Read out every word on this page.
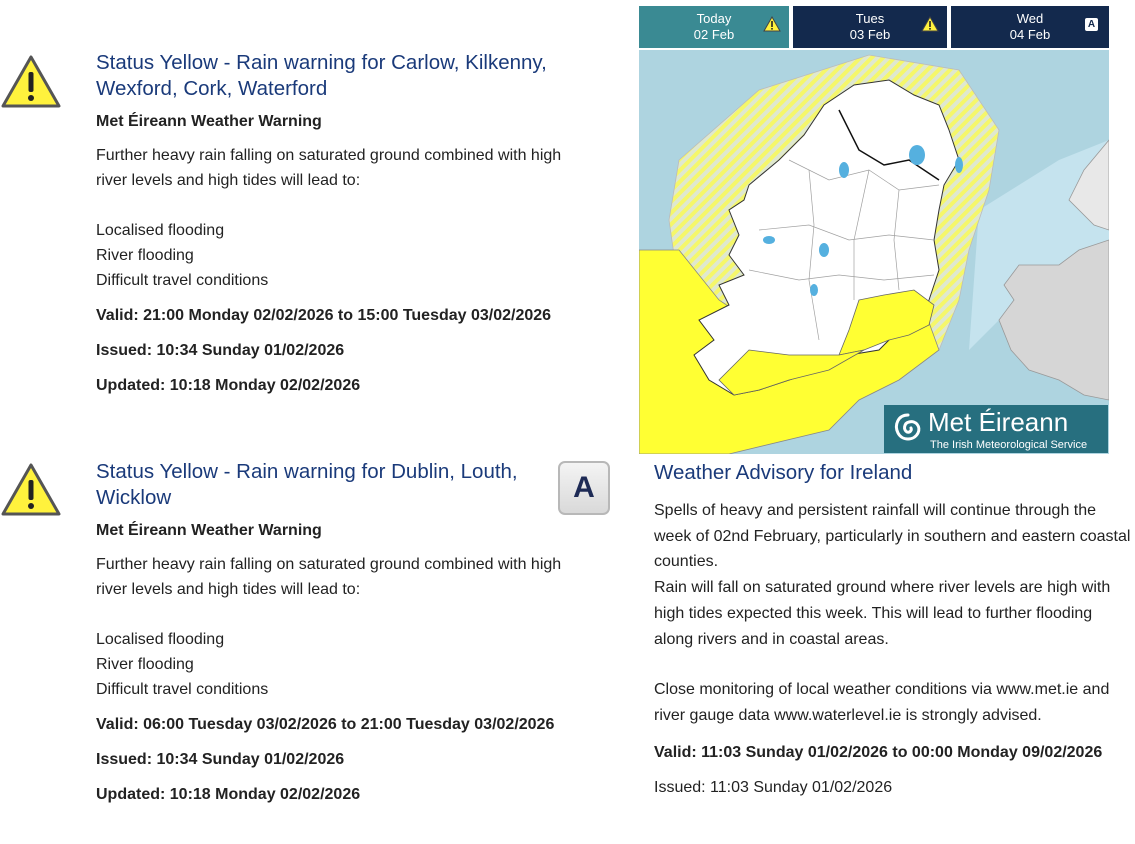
Status Yellow - Rain warning for Carlow, Kilkenny, Wexford, Cork, Waterford

Met Éireann Weather Warning

Further heavy rain falling on saturated ground combined with high river levels and high tides will lead to:

Localised flooding
River flooding
Difficult travel conditions

Valid: 21:00 Monday 02/02/2026 to 15:00 Tuesday 03/02/2026

Issued: 10:34 Sunday 01/02/2026

Updated: 10:18 Monday 02/02/2026

Status Yellow - Rain warning for Dublin, Louth, Wicklow

Met Éireann Weather Warning

Further heavy rain falling on saturated ground combined with high river levels and high tides will lead to:

Localised flooding
River flooding
Difficult travel conditions

Valid: 06:00 Tuesday 03/02/2026 to 21:00 Tuesday 03/02/2026

Issued: 10:34 Sunday 01/02/2026

Updated: 10:18 Monday 02/02/2026

A
Today
02 Feb
Tues
03 Feb
Wed
04 Feb
A
Met Éireann
The Irish Meteorological Service
Weather Advisory for Ireland

Spells of heavy and persistent rainfall will continue through the week of 02nd February, particularly in southern and eastern coastal counties.

Rain will fall on saturated ground where river levels are high with high tides expected this week. This will lead to further flooding along rivers and in coastal areas.

Close monitoring of local weather conditions via www.met.ie and river gauge data www.waterlevel.ie is strongly advised.

Valid: 11:03 Sunday 01/02/2026 to 00:00 Monday 09/02/2026

Issued: 11:03 Sunday 01/02/2026
